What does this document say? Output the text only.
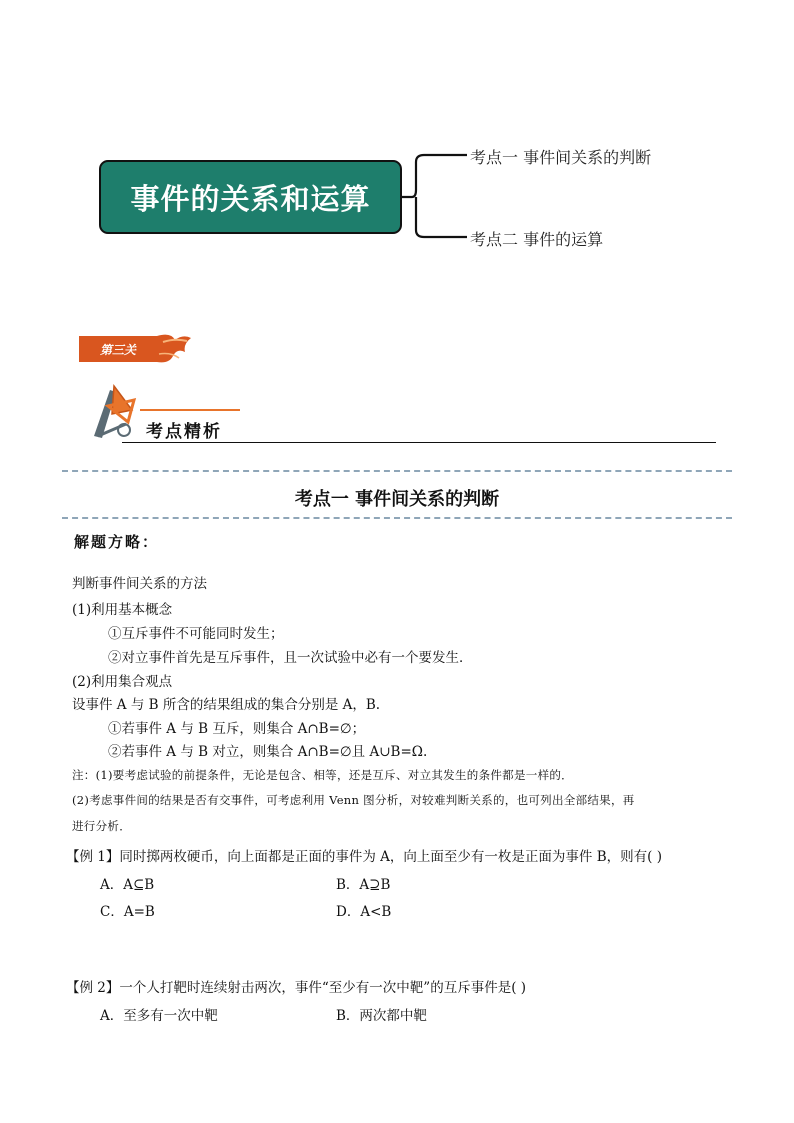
事件的关系和运算
考点一 事件间关系的判断
考点二 事件的运算
第三关
考点精析
考点一 事件间关系的判断
解题方略：
判断事件间关系的方法
(1)利用基本概念
①互斥事件不可能同时发生；
②对立事件首先是互斥事件，且一次试验中必有一个要发生．
(2)利用集合观点
设事件 A 与 B 所含的结果组成的集合分别是 A，B.
①若事件 A 与 B 互斥，则集合 A∩B=∅；
②若事件 A 与 B 对立，则集合 A∩B=∅且 A∪B=Ω.
注：(1)要考虑试验的前提条件，无论是包含、相等，还是互斥、对立其发生的条件都是一样的．
(2)考虑事件间的结果是否有交事件，可考虑利用 Venn 图分析，对较难判断关系的，也可列出全部结果，再
进行分析．
【例 1】同时掷两枚硬币，向上面都是正面的事件为 A，向上面至少有一枚是正面为事件 B，则有( )
A．A⊆B	B．A⊇B
C．A=B	D．A<B
【例 2】一个人打靶时连续射击两次，事件“至少有一次中靶”的互斥事件是( )
A．至多有一次中靶	B．两次都中靶
